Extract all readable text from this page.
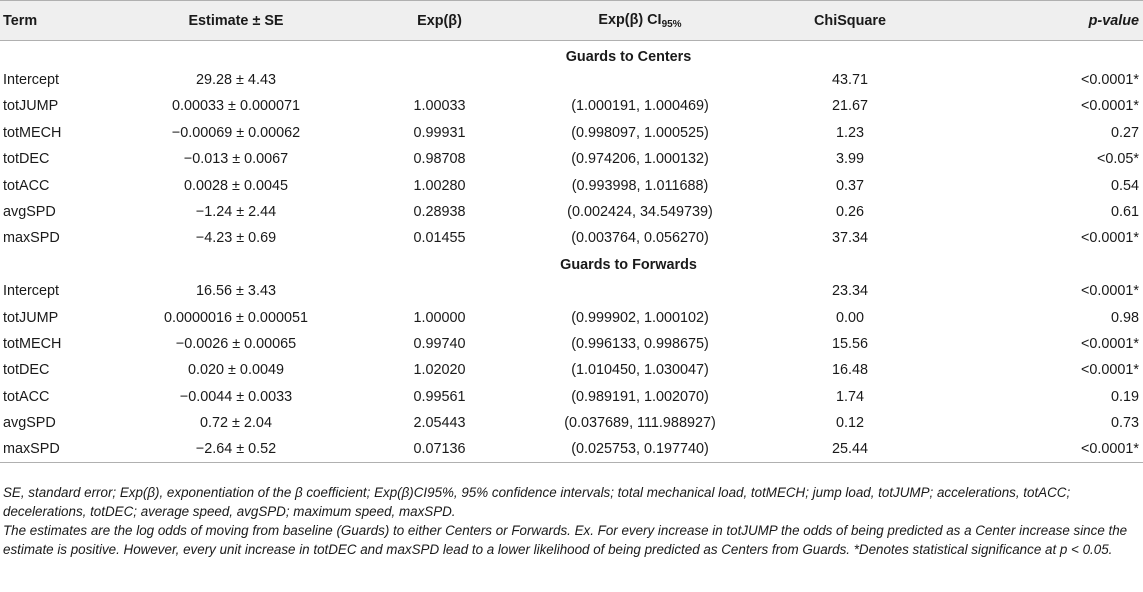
Term	Estimate ± SE	Exp(β)	Exp(β) $CI_{95\%}$	ChiSquare	p-value
Guards to Centers					
Intercept	29.28 ± 4.43			43.71	<0.0001*
totJUMP	0.00033 ± 0.000071	1.00033	(1.000191, 1.000469)	21.67	<0.0001*
totMECH	−0.00069 ± 0.00062	0.99931	(0.998097, 1.000525)	1.23	0.27
totDEC	−0.013 ± 0.0067	0.98708	(0.974206, 1.000132)	3.99	<0.05*
totACC	0.0028 ± 0.0045	1.00280	(0.993998, 1.011688)	0.37	0.54
avgSPD	−1.24 ± 2.44	0.28938	(0.002424, 34.549739)	0.26	0.61
maxSPD	−4.23 ± 0.69	0.01455	(0.003764, 0.056270)	37.34	<0.0001*
Guards to Forwards					
Intercept	16.56 ± 3.43			23.34	<0.0001*
totJUMP	0.0000016 ± 0.000051	1.00000	(0.999902, 1.000102)	0.00	0.98
totMECH	−0.0026 ± 0.00065	0.99740	(0.996133, 0.998675)	15.56	<0.0001*
totDEC	0.020 ± 0.0049	1.02020	(1.010450, 1.030047)	16.48	<0.0001*
totACC	−0.0044 ± 0.0033	0.99561	(0.989191, 1.002070)	1.74	0.19
avgSPD	0.72 ± 2.04	2.05443	(0.037689, 111.988927)	0.12	0.73
maxSPD	−2.64 ± 0.52	0.07136	(0.025753, 0.197740)	25.44	<0.0001*

SE, standard error; Exp(β), exponentiation of the β coefficient; Exp(β)CI95%, 95% confidence intervals; total mechanical load, totMECH; jump load, totJUMP; accelerations, totACC; decelerations, totDEC; average speed, avgSPD; maximum speed, maxSPD.

The estimates are the log odds of moving from baseline (Guards) to either Centers or Forwards. Ex. For every increase in totJUMP the odds of being predicted as a Center increase since the estimate is positive. However, every unit increase in totDEC and maxSPD lead to a lower likelihood of being predicted as Centers from Guards. *Denotes statistical significance at p < 0.05.
